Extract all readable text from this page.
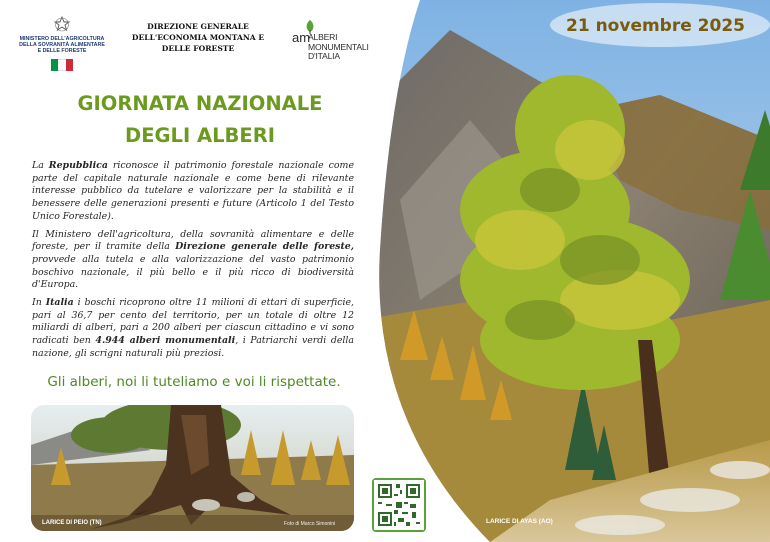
MINISTERO DELL'AGRICOLTURA
DELLA SOVRANITÀ ALIMENTARE
E DELLE FORESTE
DIREZIONE GENERALE
DELL'ECONOMIA MONTANA E
DELLE FORESTE
am
ALBERI
MONUMENTALI
D'ITALIA
21 novembre 2025
GIORNATA NAZIONALE
DEGLI ALBERI

La Repubblica riconosce il patrimonio forestale nazionale come parte del capitale naturale nazionale e come bene di rilevante interesse pubblico da tutelare e valorizzare per la stabilità e il benessere delle generazioni presenti e future (Articolo 1 del Testo Unico Forestale).

Il Ministero dell'agricoltura, della sovranità alimentare e delle foreste, per il tramite della Direzione generale delle foreste, provvede alla tutela e alla valorizzazione del vasto patrimonio boschivo nazionale, il più bello e il più ricco di biodiversità d'Europa.

In Italia i boschi ricoprono oltre 11 milioni di ettari di superficie, pari al 36,7 per cento del territorio, per un totale di oltre 12 miliardi di alberi, pari a 200 alberi per ciascun cittadino e vi sono radicati ben 4.944 alberi monumentali, i Patriarchi verdi della nazione, gli scrigni naturali più preziosi.

Gli alberi, noi li tuteliamo e voi li rispettate.
LARICE DI PEIO (TN)	Foto di Marco Simonini	LARICE DI AYAS (AO)
